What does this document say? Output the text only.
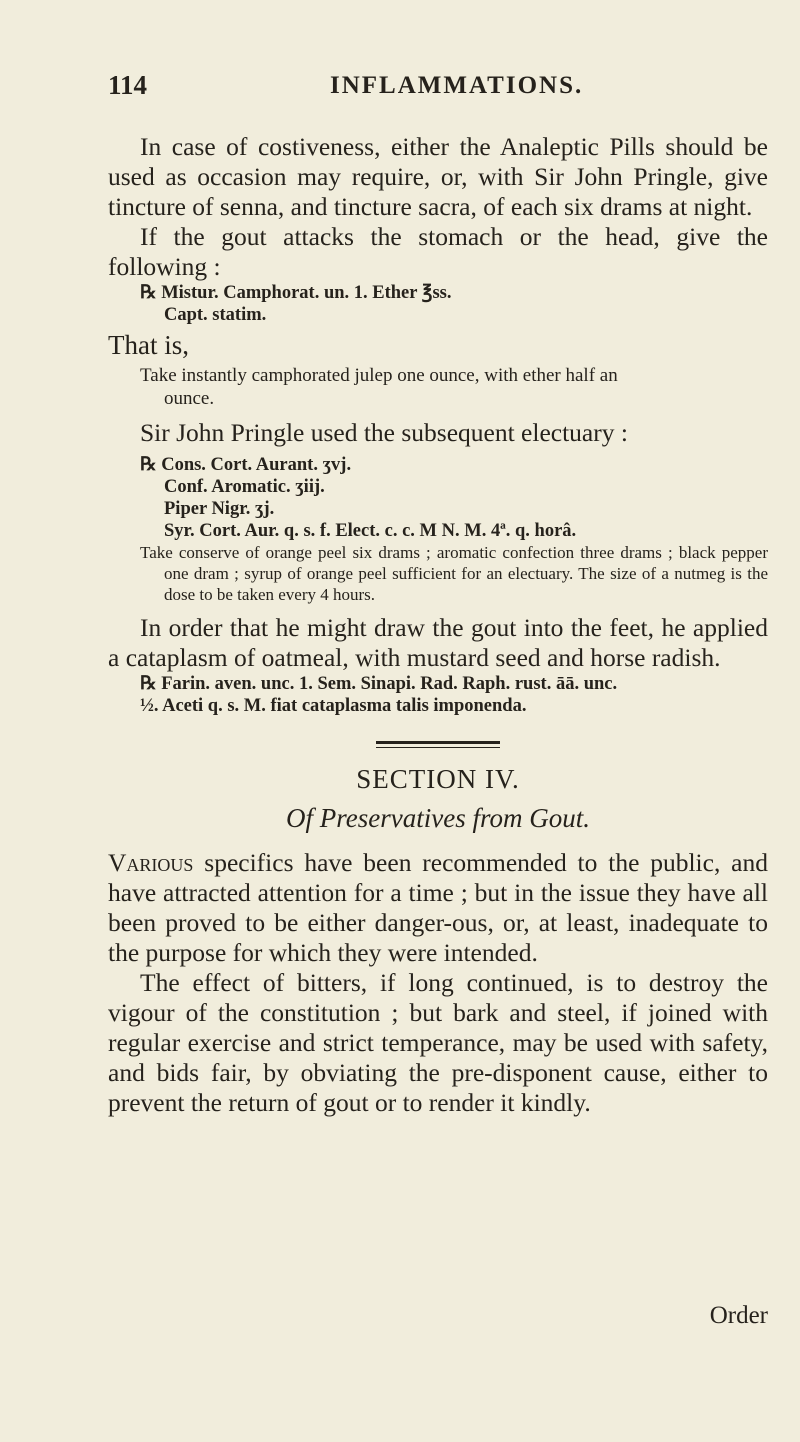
114	INFLAMMATIONS.

In case of costiveness, either the Analeptic Pills should be used as occasion may require, or, with Sir John Pringle, give tincture of senna, and tincture sacra, of each six drams at night.

If the gout attacks the stomach or the head, give the following :

℞ Mistur. Camphorat. un. 1. Ether ℥ss.

Capt. statim.

That is,

Take instantly camphorated julep one ounce, with ether half an

ounce.

Sir John Pringle used the subsequent electuary :

℞ Cons. Cort. Aurant. ʒvj.

Conf. Aromatic. ʒiij.

Piper Nigr. ʒj.

Syr. Cort. Aur. q. s. f. Elect. c. c. M N. M. 4ª. q. horâ.

Take conserve of orange peel six drams ; aromatic confection three drams ; black pepper one dram ; syrup of orange peel sufficient for an electuary. The size of a nutmeg is the dose to be taken every 4 hours.

In order that he might draw the gout into the feet, he applied a cataplasm of oatmeal, with mustard seed and horse radish.

℞ Farin. aven. unc. 1. Sem. Sinapi. Rad. Raph. rust. āā. unc.

½. Aceti q. s. M. fiat cataplasma talis imponenda.

SECTION IV.

Of Preservatives from Gout.

Various specifics have been recommended to the public, and have attracted attention for a time ; but in the issue they have all been proved to be either danger-ous, or, at least, inadequate to the purpose for which they were intended.

The effect of bitters, if long continued, is to destroy the vigour of the constitution ; but bark and steel, if joined with regular exercise and strict temperance, may be used with safety, and bids fair, by obviating the pre-disponent cause, either to prevent the return of gout or to render it kindly.

Order
